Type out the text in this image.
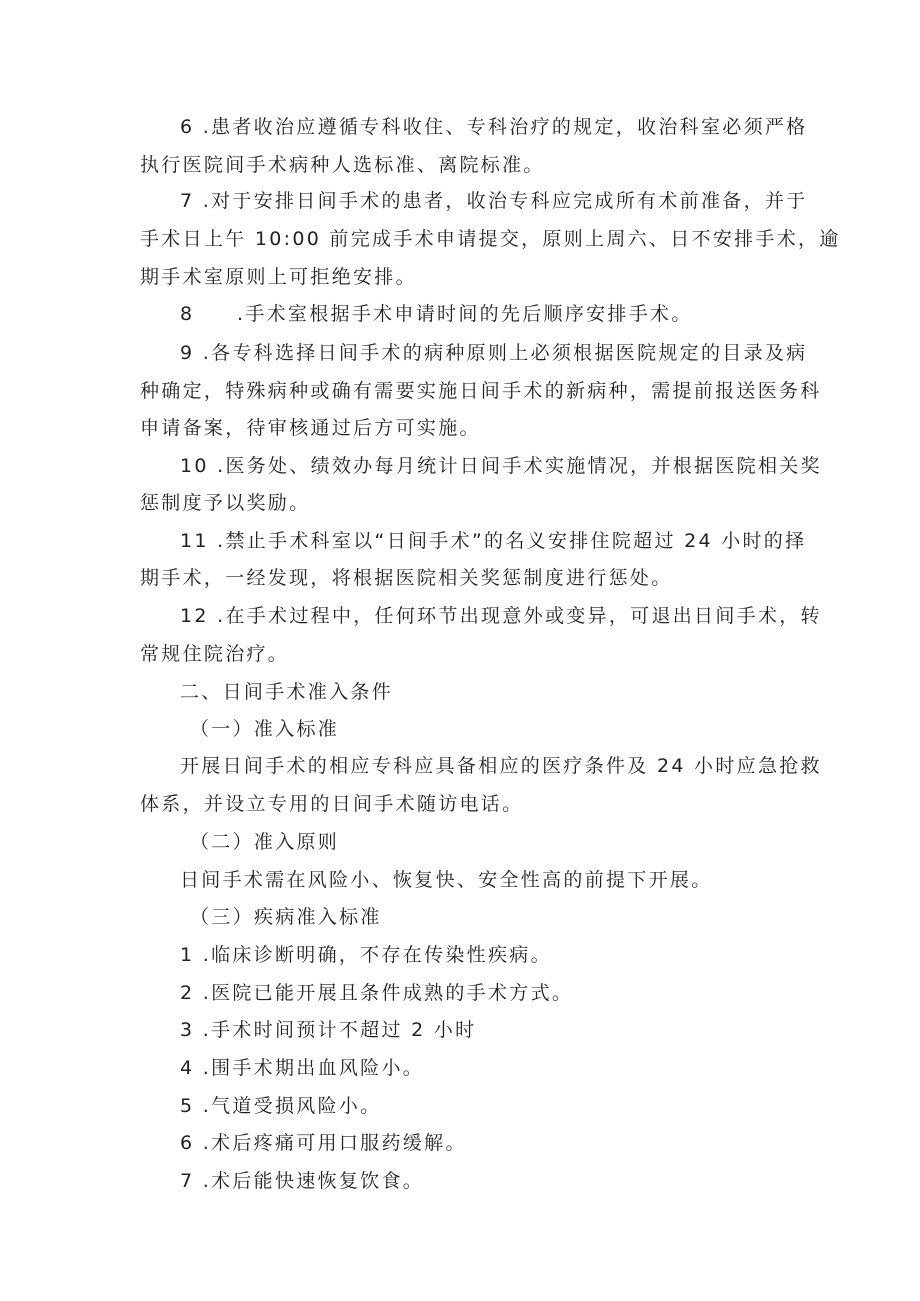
6 .患者收治应遵循专科收住、专科治疗的规定，收治科室必须严格
执行医院间手术病种人选标准、离院标准。
7 .对于安排日间手术的患者，收治专科应完成所有术前准备，并于
手术日上午 10:00 前完成手术申请提交，原则上周六、日不安排手术，逾
期手术室原则上可拒绝安排。
8　　.手术室根据手术申请时间的先后顺序安排手术。
9 .各专科选择日间手术的病种原则上必须根据医院规定的目录及病
种确定，特殊病种或确有需要实施日间手术的新病种，需提前报送医务科
申请备案，待审核通过后方可实施。
10 .医务处、绩效办每月统计日间手术实施情况，并根据医院相关奖
惩制度予以奖励。
11 .禁止手术科室以“日间手术”的名义安排住院超过 24 小时的择
期手术，一经发现，将根据医院相关奖惩制度进行惩处。
12 .在手术过程中，任何环节出现意外或变异，可退出日间手术，转
常规住院治疗。
二、日间手术准入条件
（一）准入标准
开展日间手术的相应专科应具备相应的医疗条件及 24 小时应急抢救
体系，并设立专用的日间手术随访电话。
（二）准入原则
日间手术需在风险小、恢复快、安全性高的前提下开展。
（三）疾病准入标准
1 .临床诊断明确，不存在传染性疾病。
2 .医院已能开展且条件成熟的手术方式。
3 .手术时间预计不超过 2 小时
4 .围手术期出血风险小。
5 .气道受损风险小。
6 .术后疼痛可用口服药缓解。
7 .术后能快速恢复饮食。
